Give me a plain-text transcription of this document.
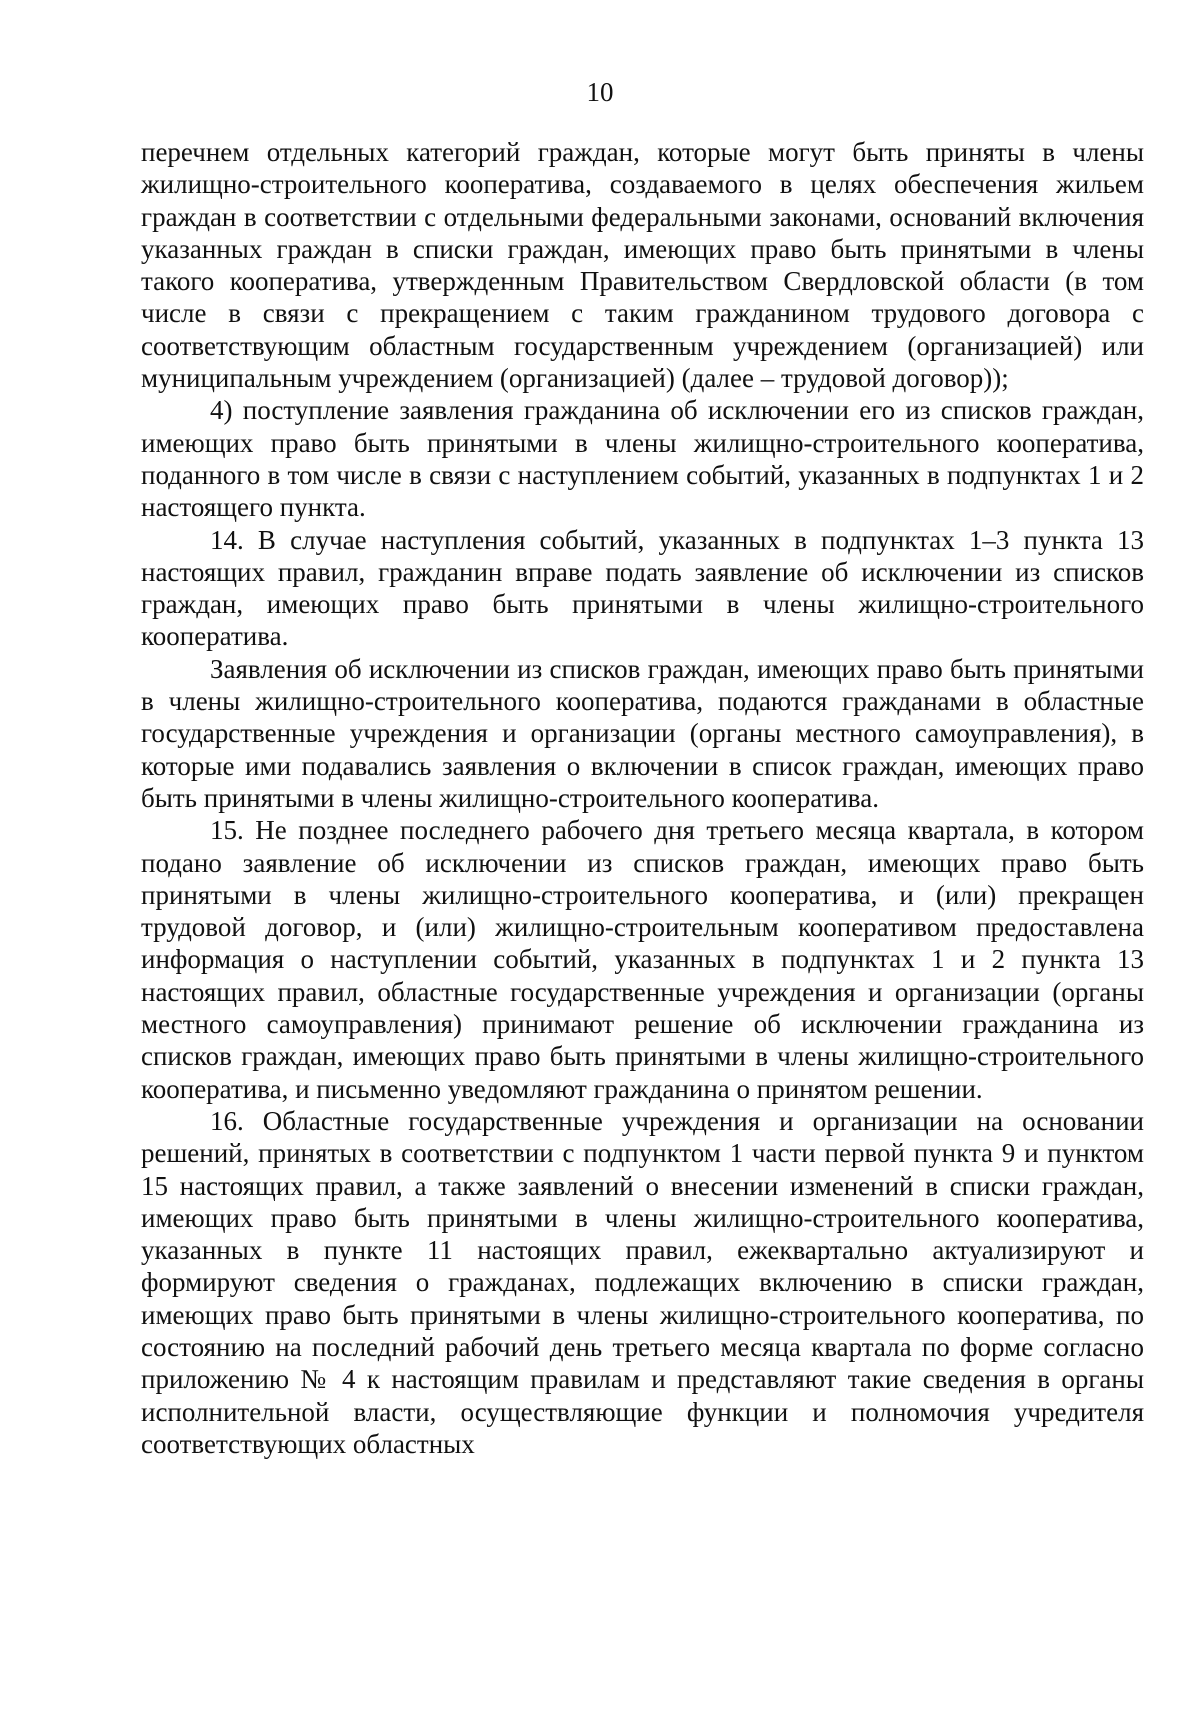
10

перечнем отдельных категорий граждан, которые могут быть приняты в члены жилищно-строительного кооператива, создаваемого в целях обеспечения жильем граждан в соответствии с отдельными федеральными законами, оснований включения указанных граждан в списки граждан, имеющих право быть принятыми в члены такого кооператива, утвержденным Правительством Свердловской области (в том числе в связи с прекращением с таким гражданином трудового договора с соответствующим областным государственным учреждением (организацией) или муниципальным учреждением (организацией) (далее – трудовой договор));

4) поступление заявления гражданина об исключении его из списков граждан, имеющих право быть принятыми в члены жилищно-строительного кооператива, поданного в том числе в связи с наступлением событий, указанных в подпунктах 1 и 2 настоящего пункта.

14. В случае наступления событий, указанных в подпунктах 1–3 пункта 13 настоящих правил, гражданин вправе подать заявление об исключении из списков граждан, имеющих право быть принятыми в члены жилищно-строительного кооператива.

Заявления об исключении из списков граждан, имеющих право быть принятыми в члены жилищно-строительного кооператива, подаются гражданами в областные государственные учреждения и организации (органы местного самоуправления), в которые ими подавались заявления о включении в список граждан, имеющих право быть принятыми в члены жилищно-строительного кооператива.

15. Не позднее последнего рабочего дня третьего месяца квартала, в котором подано заявление об исключении из списков граждан, имеющих право быть принятыми в члены жилищно-строительного кооператива, и (или) прекращен трудовой договор, и (или) жилищно-строительным кооперативом предоставлена информация о наступлении событий, указанных в подпунктах 1 и 2 пункта 13 настоящих правил, областные государственные учреждения и организации (органы местного самоуправления) принимают решение об исключении гражданина из списков граждан, имеющих право быть принятыми в члены жилищно-строительного кооператива, и письменно уведомляют гражданина о принятом решении.

16. Областные государственные учреждения и организации на основании решений, принятых в соответствии с подпунктом 1 части первой пункта 9 и пунктом 15 настоящих правил, а также заявлений о внесении изменений в списки граждан, имеющих право быть принятыми в члены жилищно-строительного кооператива, указанных в пункте 11 настоящих правил, ежеквартально актуализируют и формируют сведения о гражданах, подлежащих включению в списки граждан, имеющих право быть принятыми в члены жилищно-строительного кооператива, по состоянию на последний рабочий день третьего месяца квартала по форме согласно приложению № 4 к настоящим правилам и представляют такие сведения в органы исполнительной власти, осуществляющие функции и полномочия учредителя соответствующих областных
